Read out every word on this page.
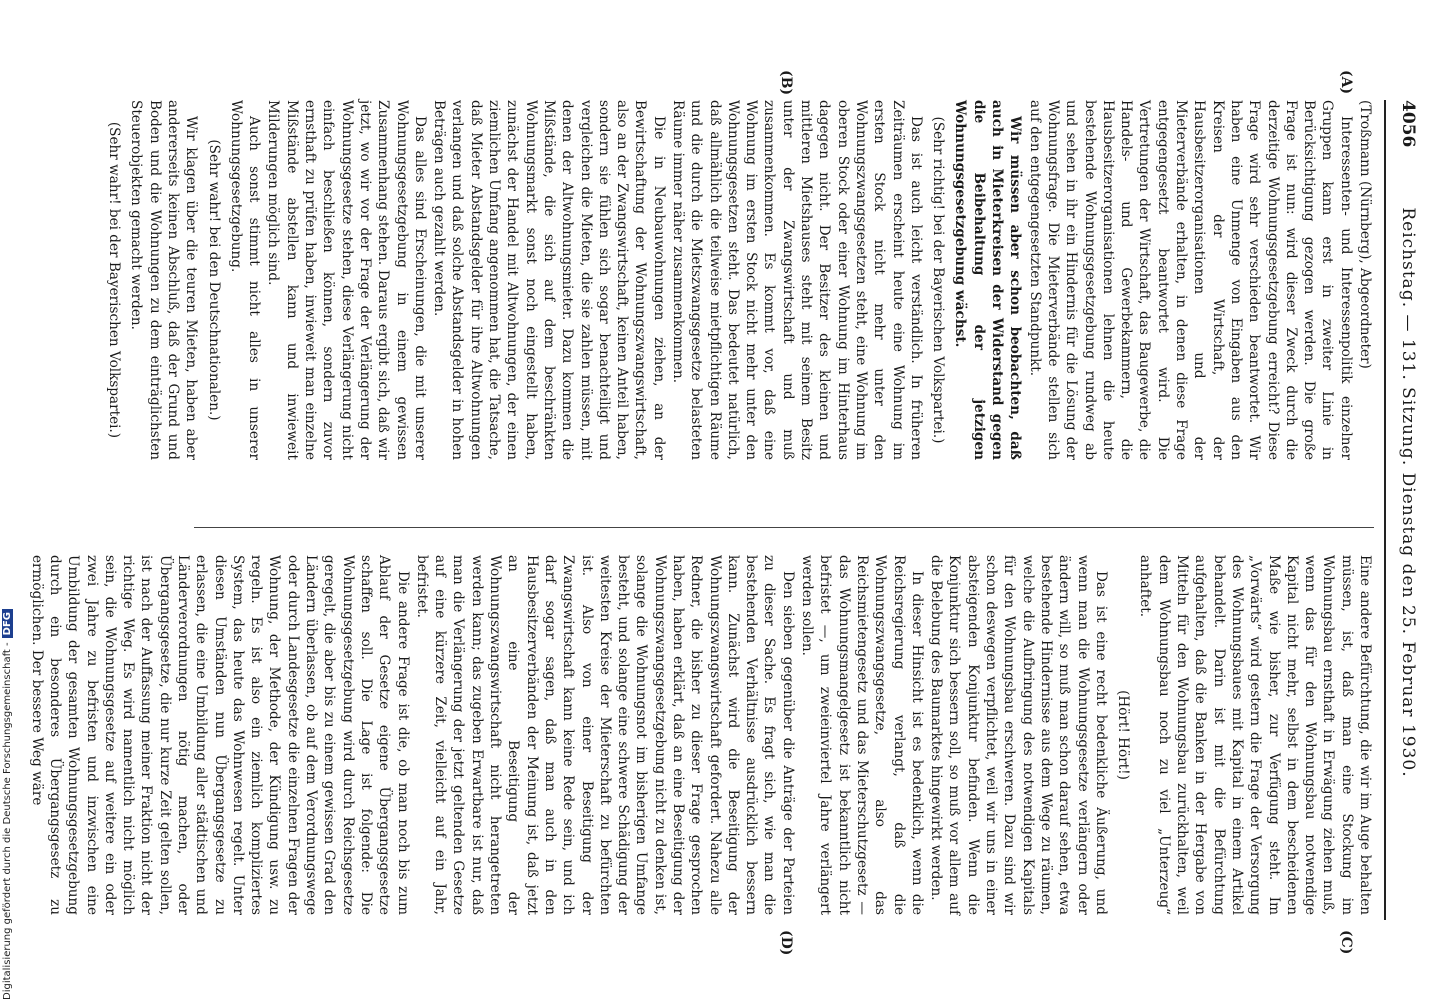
4056
Reichstag. — 131. Sitzung. Dienstag den 25. Februar 1930.
(A)
(B)
(C)
(D)

(Troßmann (Nürnberg), Abgeordneter)

Interessenten- und Interessenpolitik einzelner Gruppen kann erst in zweiter Linie in Berücksichtigung gezogen werden. Die große Frage ist nun: wird dieser Zweck durch die derzeitige Wohnungsgesetzgebung erreicht? Diese Frage wird sehr verschieden beantwortet. Wir haben eine Unmenge von Eingaben aus den Kreisen der Wirtschaft, der Hausbesitzerorganisationen und der Mieterverbände erhalten, in denen diese Frage entgegengesetzt beantwortet wird. Die Vertretungen der Wirtschaft, das Baugewerbe, die Handels- und Gewerbekammern, die Hausbesitzerorganisationen lehnen die heute bestehende Wohnungsgesetzgebung rundweg ab und sehen in ihr ein Hindernis für die Lösung der Wohnungsfrage. Die Mieterverbände stellen sich auf den entgegengesetzten Standpunkt.

Wir müssen aber schon beobachten, daß auch in Mieterkreisen der Widerstand gegen die Beibehaltung der jetzigen Wohnungsgesetzgebung wächst.

(Sehr richtig! bei der Bayerischen Volkspartei.)

Das ist auch leicht verständlich. In früheren Zeiträumen erscheint heute eine Wohnung im ersten Stock nicht mehr unter den Wohnungszwangsgesetzen steht, eine Wohnung im oberen Stock oder einer Wohnung im Hinterhaus dagegen nicht. Der Besitzer des kleinen und mittleren Mietshauses steht mit seinem Besitz unter der Zwangswirtschaft und muß zusammenkommen. Es kommt vor, daß eine Wohnung im ersten Stock nicht mehr unter den Wohnungsgesetzen steht. Das bedeutet natürlich, daß allmählich die teilweise mietpflichtigen Räume und die durch die Mietszwangsgesetze belasteten Räume immer näher zusammenkommen.

Die in Neubauwohnungen ziehen, an der Bewirtschaftung der Wohnungszwangswirtschaft, also an der Zwangswirtschaft, keinen Anteil haben, sondern sie fühlen sich sogar benachteiligt und vergleichen die Mieten, die sie zahlen müssen, mit denen der Altwohnungsmieter. Dazu kommen die Mißstände, die sich auf dem beschränkten Wohnungsmarkt sonst noch eingestellt haben, zunächst der Handel mit Altwohnungen, der einen ziemlichen Umfang angenommen hat, die Tatsache, daß Mieter Abstandsgelder für ihre Altwohnungen verlangen und daß solche Abstandsgelder in hohen Beträgen auch gezahlt werden.

Das alles sind Erscheinungen, die mit unserer Wohnungsgesetzgebung in einem gewissen Zusammenhang stehen. Daraus ergibt sich, daß wir jetzt, wo wir vor der Frage der Verlängerung der Wohnungsgesetze stehen, diese Verlängerung nicht einfach beschließen können, sondern zuvor ernsthaft zu prüfen haben, inwieweit man einzelne Mißstände abstellen kann und inwieweit Milderungen möglich sind.

Auch sonst stimmt nicht alles in unserer Wohnungsgesetzgebung.

(Sehr wahr! bei den Deutschnationalen.)

Wir klagen über die teuren Mieten, haben aber andererseits keinen Abschluß, daß der Grund und Boden und die Wohnungen zu dem einträglichsten Steuerobjekten gemacht werden.

(Sehr wahr! bei der Bayerischen Volkspartei.)

Eine andere Befürchtung, die wir im Auge behalten müssen, ist, daß man eine Stockung im Wohnungsbau ernsthaft in Erwägung ziehen muß, wenn das für den Wohnungsbau notwendige Kapital nicht mehr, selbst in dem bescheidenen Maße wie bisher, zur Verfügung steht. Im „Vorwärts“ wird gestern die Frage der Versorgung des Wohnungsbaues mit Kapital in einem Artikel behandelt. Darin ist mit die Befürchtung aufgehalten, daß die Banken in der Hergabe von Mitteln für den Wohnungsbau zurückhalten, weil dem Wohnungsbau noch zu viel „Unterzeug“ anhaftet.

(Hört! Hört!)

Das ist eine recht bedenkliche Äußerung, und wenn man die Wohnungsgesetze verlängern oder ändern will, so muß man schon darauf sehen, etwa bestehende Hindernisse aus dem Wege zu räumen, welche die Aufbringung des notwendigen Kapitals für den Wohnungsbau erschweren. Dazu sind wir schon deswegen verpflichtet, weil wir uns in einer absteigenden Konjunktur befinden. Wenn die Konjunktur sich bessern soll, so muß vor allem auf die Belebung des Baumarktes hingewirkt werden.

In dieser Hinsicht ist es bedenklich, wenn die Reichsregierung verlangt, daß die Wohnungszwangsgesetze, also das Reichsmietengesetz und das Mieterschutzgesetz — das Wohnungsmangelgesetz ist bekanntlich nicht befristet —, um zweieinviertel Jahre verlängert werden sollen.

Den sieben gegenüber die Anträge der Parteien zu dieser Sache. Es fragt sich, wie man die bestehenden Verhältnisse ausdrücklich bessern kann. Zunächst wird die Beseitigung der Wohnungszwangswirtschaft gefordert. Nahezu alle Redner, die bisher zu dieser Frage gesprochen haben, haben erklärt, daß an eine Beseitigung der Wohnungszwangsgesetzgebung nicht zu denken ist, solange die Wohnungsnot im bisherigen Umfange besteht, und solange eine schwere Schädigung der weitesten Kreise der Mieterschaft zu befürchten ist. Also von einer Beseitigung der Zwangswirtschaft kann keine Rede sein, und ich darf sogar sagen, daß man auch in den Hausbesitzerverbänden der Meinung ist, daß jetzt an eine Beseitigung der Wohnungszwangswirtschaft nicht herangetreten werden kann; das zugeben Erwartbare ist nur, daß man die Verlängerung der jetzt geltenden Gesetze auf eine kürzere Zeit, vielleicht auf ein Jahr, befristet.

Die andere Frage ist die, ob man noch bis zum Ablauf der Gesetze eigene Übergangsgesetze schaffen soll. Die Lage ist folgende: Die Wohnungsgesetzgebung wird durch Reichsgesetze geregelt, die aber bis zu einem gewissen Grad den Ländern überlassen, ob auf dem Verordnungswege oder durch Landesgesetze die einzelnen Fragen der Wohnung, der Methode, der Kündigung usw. zu regeln. Es ist also ein ziemlich kompliziertes System, das heute das Wohnwesen regelt. Unter diesen Umständen nun Übergangsgesetze zu erlassen, die eine Umbildung aller städtischen und Länderverordnungen nötig machen, oder Übergangsgesetze, die nur kurze Zeit gelten sollen, ist nach der Auffassung meiner Fraktion nicht der richtige Weg. Es wird namentlich nicht möglich sein, die Wohnungsgesetze auf weitere ein oder zwei Jahre zu befristen und inzwischen eine Umbildung der gesamten Wohnungsgesetzgebung durch ein besonderes Übergangsgesetz zu ermöglichen. Der bessere Weg wäre

Digitalisierung gefördert durch die Deutsche Forschungsgemeinschaft -DFG
